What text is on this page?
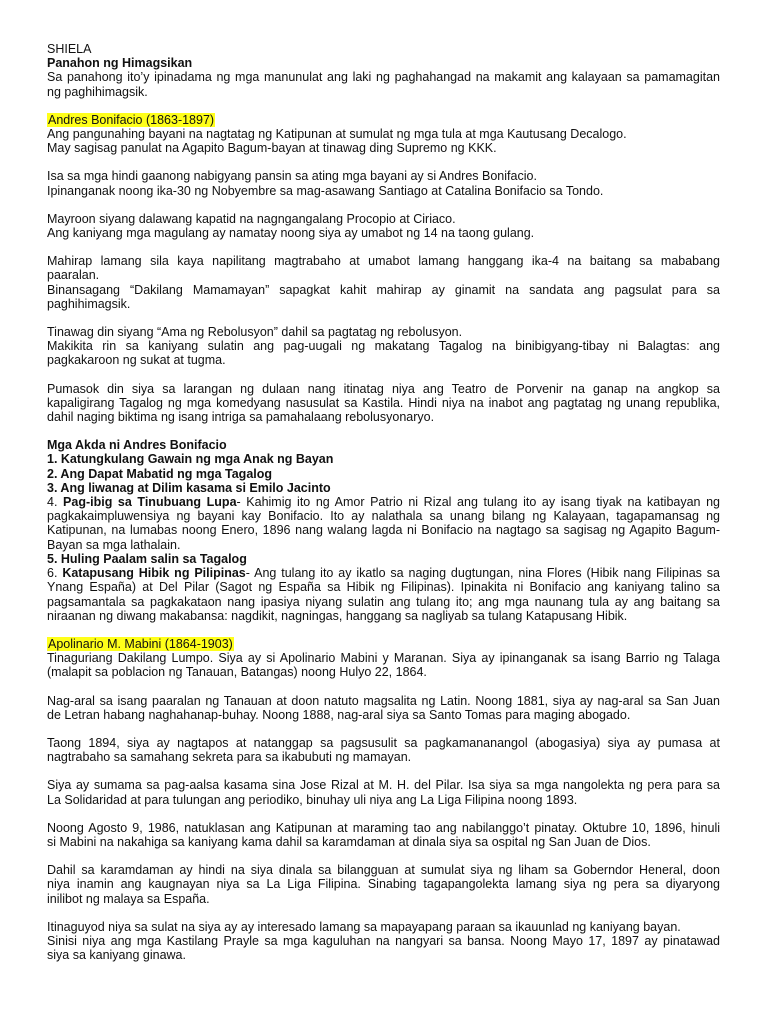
SHIELA
Panahon ng Himagsikan
Sa panahong ito’y ipinadama ng mga manunulat ang laki ng paghahangad na makamit ang kalayaan sa pamamagitan
ng paghihimagsik.
Andres Bonifacio (1863-1897)
Ang pangunahing bayani na nagtatag ng Katipunan at sumulat ng mga tula at mga Kautusang Decalogo.
May sagisag panulat na Agapito Bagum-bayan at tinawag ding Supremo ng KKK.
Isa sa mga hindi gaanong nabigyang pansin sa ating mga bayani ay si Andres Bonifacio.
Ipinanganak noong ika-30 ng Nobyembre sa mag-asawang Santiago at Catalina Bonifacio sa Tondo.
Mayroon siyang dalawang kapatid na nagngangalang Procopio at Ciriaco.
Ang kaniyang mga magulang ay namatay noong siya ay umabot ng 14 na taong gulang.
Mahirap lamang sila kaya napilitang magtrabaho at umabot lamang hanggang ika-4 na baitang sa mababang
paaralan.
Binansagang “Dakilang Mamamayan” sapagkat kahit mahirap ay ginamit na sandata ang pagsulat para sa
paghihimagsik.
Tinawag din siyang “Ama ng Rebolusyon” dahil sa pagtatag ng rebolusyon.
Makikita rin sa kaniyang sulatin ang pag-uugali ng makatang Tagalog na binibigyang-tibay ni Balagtas: ang
pagkakaroon ng sukat at tugma.
Pumasok din siya sa larangan ng dulaan nang itinatag niya ang Teatro de Porvenir na ganap na angkop sa
kapaligirang Tagalog ng mga komedyang nasusulat sa Kastila. Hindi niya na inabot ang pagtatag ng unang republika,
dahil naging biktima ng isang intriga sa pamahalaang rebolusyonaryo.
Mga Akda ni Andres Bonifacio
1. Katungkulang Gawain ng mga Anak ng Bayan
2. Ang Dapat Mabatid ng mga Tagalog
3. Ang liwanag at Dilim kasama si Emilo Jacinto
4. Pag-ibig sa Tinubuang Lupa- Kahimig ito ng Amor Patrio ni Rizal ang tulang ito ay isang tiyak na katibayan ng
pagkakaimpluwensiya ng bayani kay Bonifacio. Ito ay nalathala sa unang bilang ng Kalayaan, tagapamansag ng
Katipunan, na lumabas noong Enero, 1896 nang walang lagda ni Bonifacio na nagtago sa sagisag ng Agapito Bagum-
Bayan sa mga lathalain.
5. Huling Paalam salin sa Tagalog
6. Katapusang Hibik ng Pilipinas- Ang tulang ito ay ikatlo sa naging dugtungan, nina Flores (Hibik nang Filipinas sa
Ynang España) at Del Pilar (Sagot ng España sa Hibik ng Filipinas). Ipinakita ni Bonifacio ang kaniyang talino sa
pagsamantala sa pagkakataon nang ipasiya niyang sulatin ang tulang ito; ang mga naunang tula ay ang baitang sa
niraanan ng diwang makabansa: nagdikit, nagningas, hanggang sa nagliyab sa tulang Katapusang Hibik.
Apolinario M. Mabini (1864-1903)
Tinaguriang Dakilang Lumpo. Siya ay si Apolinario Mabini y Maranan. Siya ay ipinanganak sa isang Barrio ng Talaga
(malapit sa poblacion ng Tanauan, Batangas) noong Hulyo 22, 1864.
Nag-aral sa isang paaralan ng Tanauan at doon natuto magsalita ng Latin. Noong 1881, siya ay nag-aral sa San Juan
de Letran habang naghahanap-buhay. Noong 1888, nag-aral siya sa Santo Tomas para maging abogado.
Taong 1894, siya ay nagtapos at natanggap sa pagsusulit sa pagkamananangol (abogasiya) siya ay pumasa at
nagtrabaho sa samahang sekreta para sa ikabubuti ng mamayan.
Siya ay sumama sa pag-aalsa kasama sina Jose Rizal at M. H. del Pilar. Isa siya sa mga nangolekta ng pera para sa
La Solidaridad at para tulungan ang periodiko, binuhay uli niya ang La Liga Filipina noong 1893.
Noong Agosto 9, 1986, natuklasan ang Katipunan at maraming tao ang nabilanggo’t pinatay. Oktubre 10, 1896, hinuli
si Mabini na nakahiga sa kaniyang kama dahil sa karamdaman at dinala siya sa ospital ng San Juan de Dios.
Dahil sa karamdaman ay hindi na siya dinala sa bilangguan at sumulat siya ng liham sa Goberndor Heneral, doon
niya inamin ang kaugnayan niya sa La Liga Filipina. Sinabing tagapangolekta lamang siya ng pera sa diyaryong
inilibot ng malaya sa España.
Itinaguyod niya sa sulat na siya ay ay interesado lamang sa mapayapang paraan sa ikauunlad ng kaniyang bayan.
Sinisi niya ang mga Kastilang Prayle sa mga kaguluhan na nangyari sa bansa. Noong Mayo 17, 1897 ay pinatawad
siya sa kaniyang ginawa.
